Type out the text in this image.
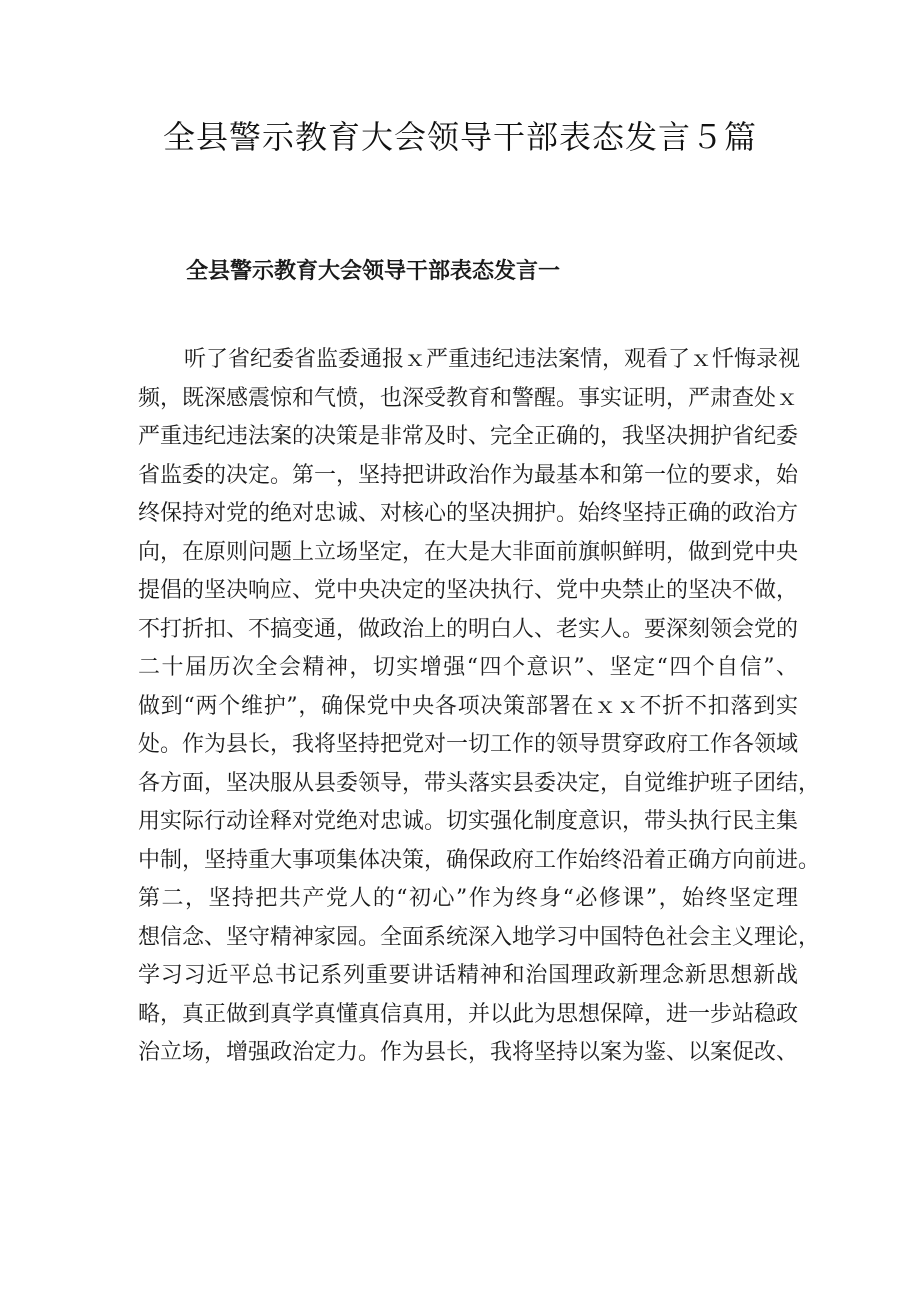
全县警示教育大会领导干部表态发言５篇
全县警示教育大会领导干部表态发言一
听了省纪委省监委通报ｘ严重违纪违法案情，观看了ｘ忏悔录视
频，既深感震惊和气愤，也深受教育和警醒。事实证明，严肃查处ｘ
严重违纪违法案的决策是非常及时、完全正确的，我坚决拥护省纪委
省监委的决定。第一，坚持把讲政治作为最基本和第一位的要求，始
终保持对党的绝对忠诚、对核心的坚决拥护。始终坚持正确的政治方
向，在原则问题上立场坚定，在大是大非面前旗帜鲜明，做到党中央
提倡的坚决响应、党中央决定的坚决执行、党中央禁止的坚决不做，
不打折扣、不搞变通，做政治上的明白人、老实人。要深刻领会党的
二十届历次全会精神，切实增强“四个意识”、坚定“四个自信”、
做到“两个维护”，确保党中央各项决策部署在ｘｘ不折不扣落到实
处。作为县长，我将坚持把党对一切工作的领导贯穿政府工作各领域
各方面，坚决服从县委领导，带头落实县委决定，自觉维护班子团结，
用实际行动诠释对党绝对忠诚。切实强化制度意识，带头执行民主集
中制，坚持重大事项集体决策，确保政府工作始终沿着正确方向前进。
第二，坚持把共产党人的“初心”作为终身“必修课”，始终坚定理
想信念、坚守精神家园。全面系统深入地学习中国特色社会主义理论，
学习习近平总书记系列重要讲话精神和治国理政新理念新思想新战
略，真正做到真学真懂真信真用，并以此为思想保障，进一步站稳政
治立场，增强政治定力。作为县长，我将坚持以案为鉴、以案促改、
